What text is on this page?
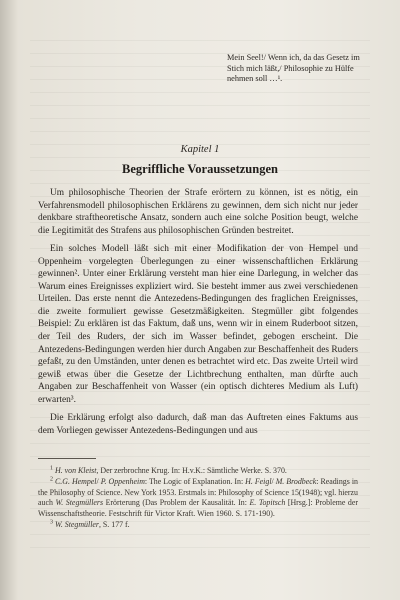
Mein Seel!/ Wenn ich, da das Gesetz im Stich mich läßt,/ Philosophie zu Hülfe nehmen soll …¹.
Kapitel 1
Begriffliche Voraussetzungen

Um philosophische Theorien der Strafe erörtern zu können, ist es nötig, ein Verfahrensmodell philosophischen Erklärens zu gewinnen, dem sich nicht nur jeder denkbare straftheoretische Ansatz, sondern auch eine solche Position beugt, welche die Legitimität des Strafens aus philosophischen Gründen bestreitet.

Ein solches Modell läßt sich mit einer Modifikation der von Hempel und Oppenheim vorgelegten Überlegungen zu einer wissenschaftlichen Erklärung gewinnen². Unter einer Erklärung versteht man hier eine Darlegung, in welcher das Warum eines Ereignisses expliziert wird. Sie besteht immer aus zwei verschiedenen Urteilen. Das erste nennt die Antezedens-Bedingungen des fraglichen Ereignisses, die zweite formuliert gewisse Gesetzmäßigkeiten. Stegmüller gibt folgendes Beispiel: Zu erklären ist das Faktum, daß uns, wenn wir in einem Ruderboot sitzen, der Teil des Ruders, der sich im Wasser befindet, gebogen erscheint. Die Antezedens-Bedingungen werden hier durch Angaben zur Beschaffenheit des Ruders gefaßt, zu den Umständen, unter denen es betrachtet wird etc. Das zweite Urteil wird gewiß etwas über die Gesetze der Lichtbrechung enthalten, man dürfte auch Angaben zur Beschaffenheit von Wasser (ein optisch dichteres Medium als Luft) erwarten³.

Die Erklärung erfolgt also dadurch, daß man das Auftreten eines Faktums aus dem Vorliegen gewisser Antezedens-Bedingungen und aus

$^1$ H. von Kleist, Der zerbrochne Krug. In: H.v.K.: Sämtliche Werke. S. 370.

$^2$ C.G. Hempel/ P. Oppenheim: The Logic of Explanation. In: H. Feigl/ M. Brodbeck: Readings in the Philosophy of Science. New York 1953. Erstmals in: Philosophy of Science 15(1948); vgl. hierzu auch W. Stegmüllers Erörterung (Das Problem der Kausalität. In: E. Topitsch [Hrsg.]: Probleme der Wissenschaftstheorie. Festschrift für Victor Kraft. Wien 1960. S. 171-190).

$^3$ W. Stegmüller, S. 177 f.
